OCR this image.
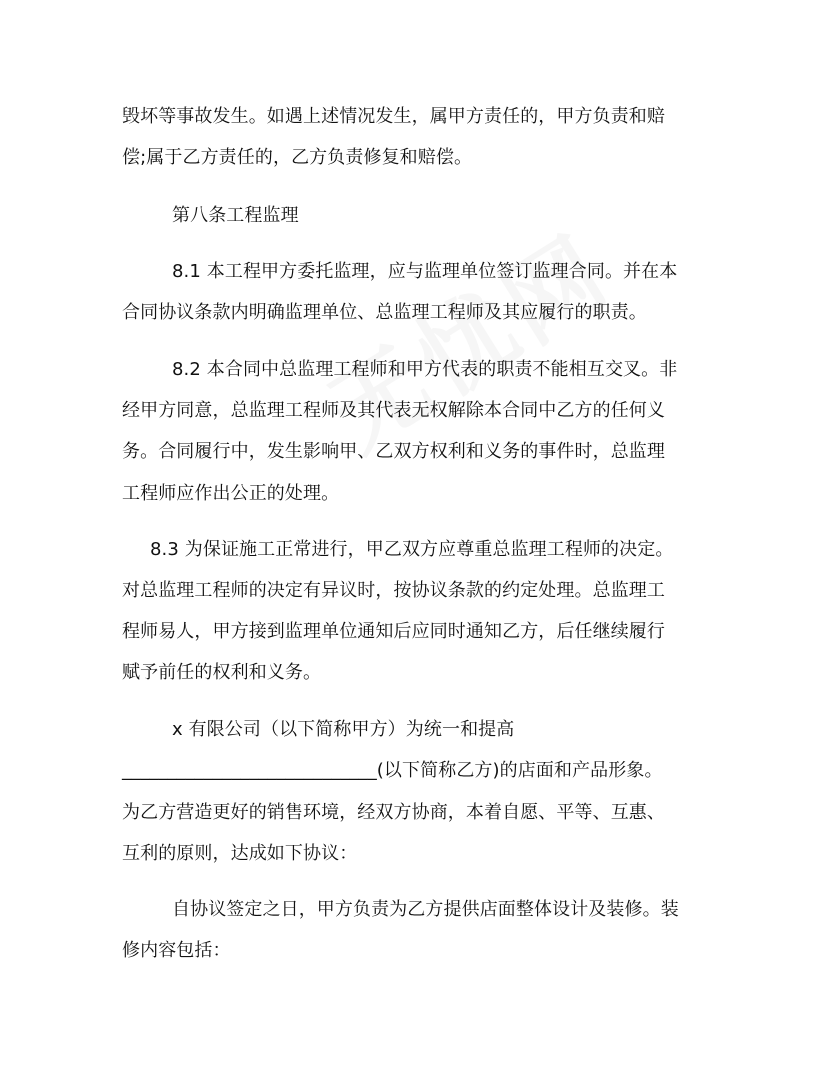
毁坏等事故发生。如遇上述情况发生，属甲方责任的，甲方负责和赔
偿;属于乙方责任的，乙方负责修复和赔偿。
第八条工程监理
8.1 本工程甲方委托监理，应与监理单位签订监理合同。并在本
合同协议条款内明确监理单位、总监理工程师及其应履行的职责。
8.2 本合同中总监理工程师和甲方代表的职责不能相互交叉。非
经甲方同意，总监理工程师及其代表无权解除本合同中乙方的任何义
务。合同履行中，发生影响甲、乙双方权利和义务的事件时，总监理
工程师应作出公正的处理。
8.3 为保证施工正常进行，甲乙双方应尊重总监理工程师的决定。
对总监理工程师的决定有异议时，按协议条款的约定处理。总监理工
程师易人，甲方接到监理单位通知后应同时通知乙方，后任继续履行
赋予前任的权利和义务。
x 有限公司（以下简称甲方）为统一和提高
____________________________(以下简称乙方)的店面和产品形象。
为乙方营造更好的销售环境，经双方协商，本着自愿、平等、互惠、
互利的原则，达成如下协议：
自协议签定之日，甲方负责为乙方提供店面整体设计及装修。装
修内容包括：
